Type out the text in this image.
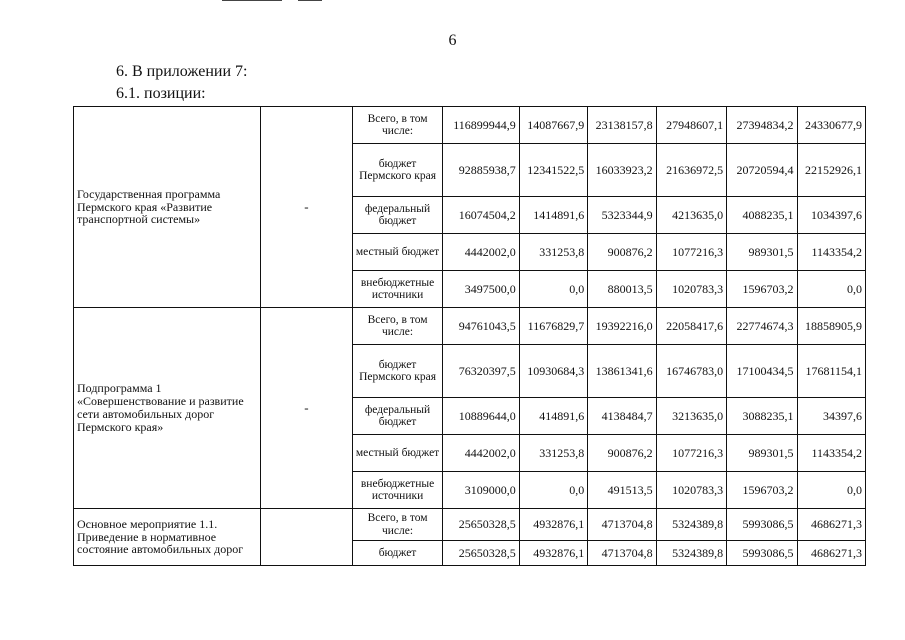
6
6. В приложении 7:
6.1. позиции:
Государственная программа Пермского края «Развитие транспортной системы»	-	Всего, в том числе:	116899944,9	14087667,9	23138157,8	27948607,1	27394834,2	24330677,9
		бюджет Пермского края	92885938,7	12341522,5	16033923,2	21636972,5	20720594,4	22152926,1
		федеральный бюджет	16074504,2	1414891,6	5323344,9	4213635,0	4088235,1	1034397,6
		местный бюджет	4442002,0	331253,8	900876,2	1077216,3	989301,5	1143354,2
		внебюджетные источники	3497500,0	0,0	880013,5	1020783,3	1596703,2	0,0
Подпрограмма 1 «Совершенствование и развитие сети автомобильных дорог Пермского края»	-	Всего, в том числе:	94761043,5	11676829,7	19392216,0	22058417,6	22774674,3	18858905,9
		бюджет Пермского края	76320397,5	10930684,3	13861341,6	16746783,0	17100434,5	17681154,1
		федеральный бюджет	10889644,0	414891,6	4138484,7	3213635,0	3088235,1	34397,6
		местный бюджет	4442002,0	331253,8	900876,2	1077216,3	989301,5	1143354,2
		внебюджетные источники	3109000,0	0,0	491513,5	1020783,3	1596703,2	0,0
Основное мероприятие 1.1. Приведение в нормативное состояние автомобильных дорог		Всего, в том числе:	25650328,5	4932876,1	4713704,8	5324389,8	5993086,5	4686271,3
		бюджет	25650328,5	4932876,1	4713704,8	5324389,8	5993086,5	4686271,3
